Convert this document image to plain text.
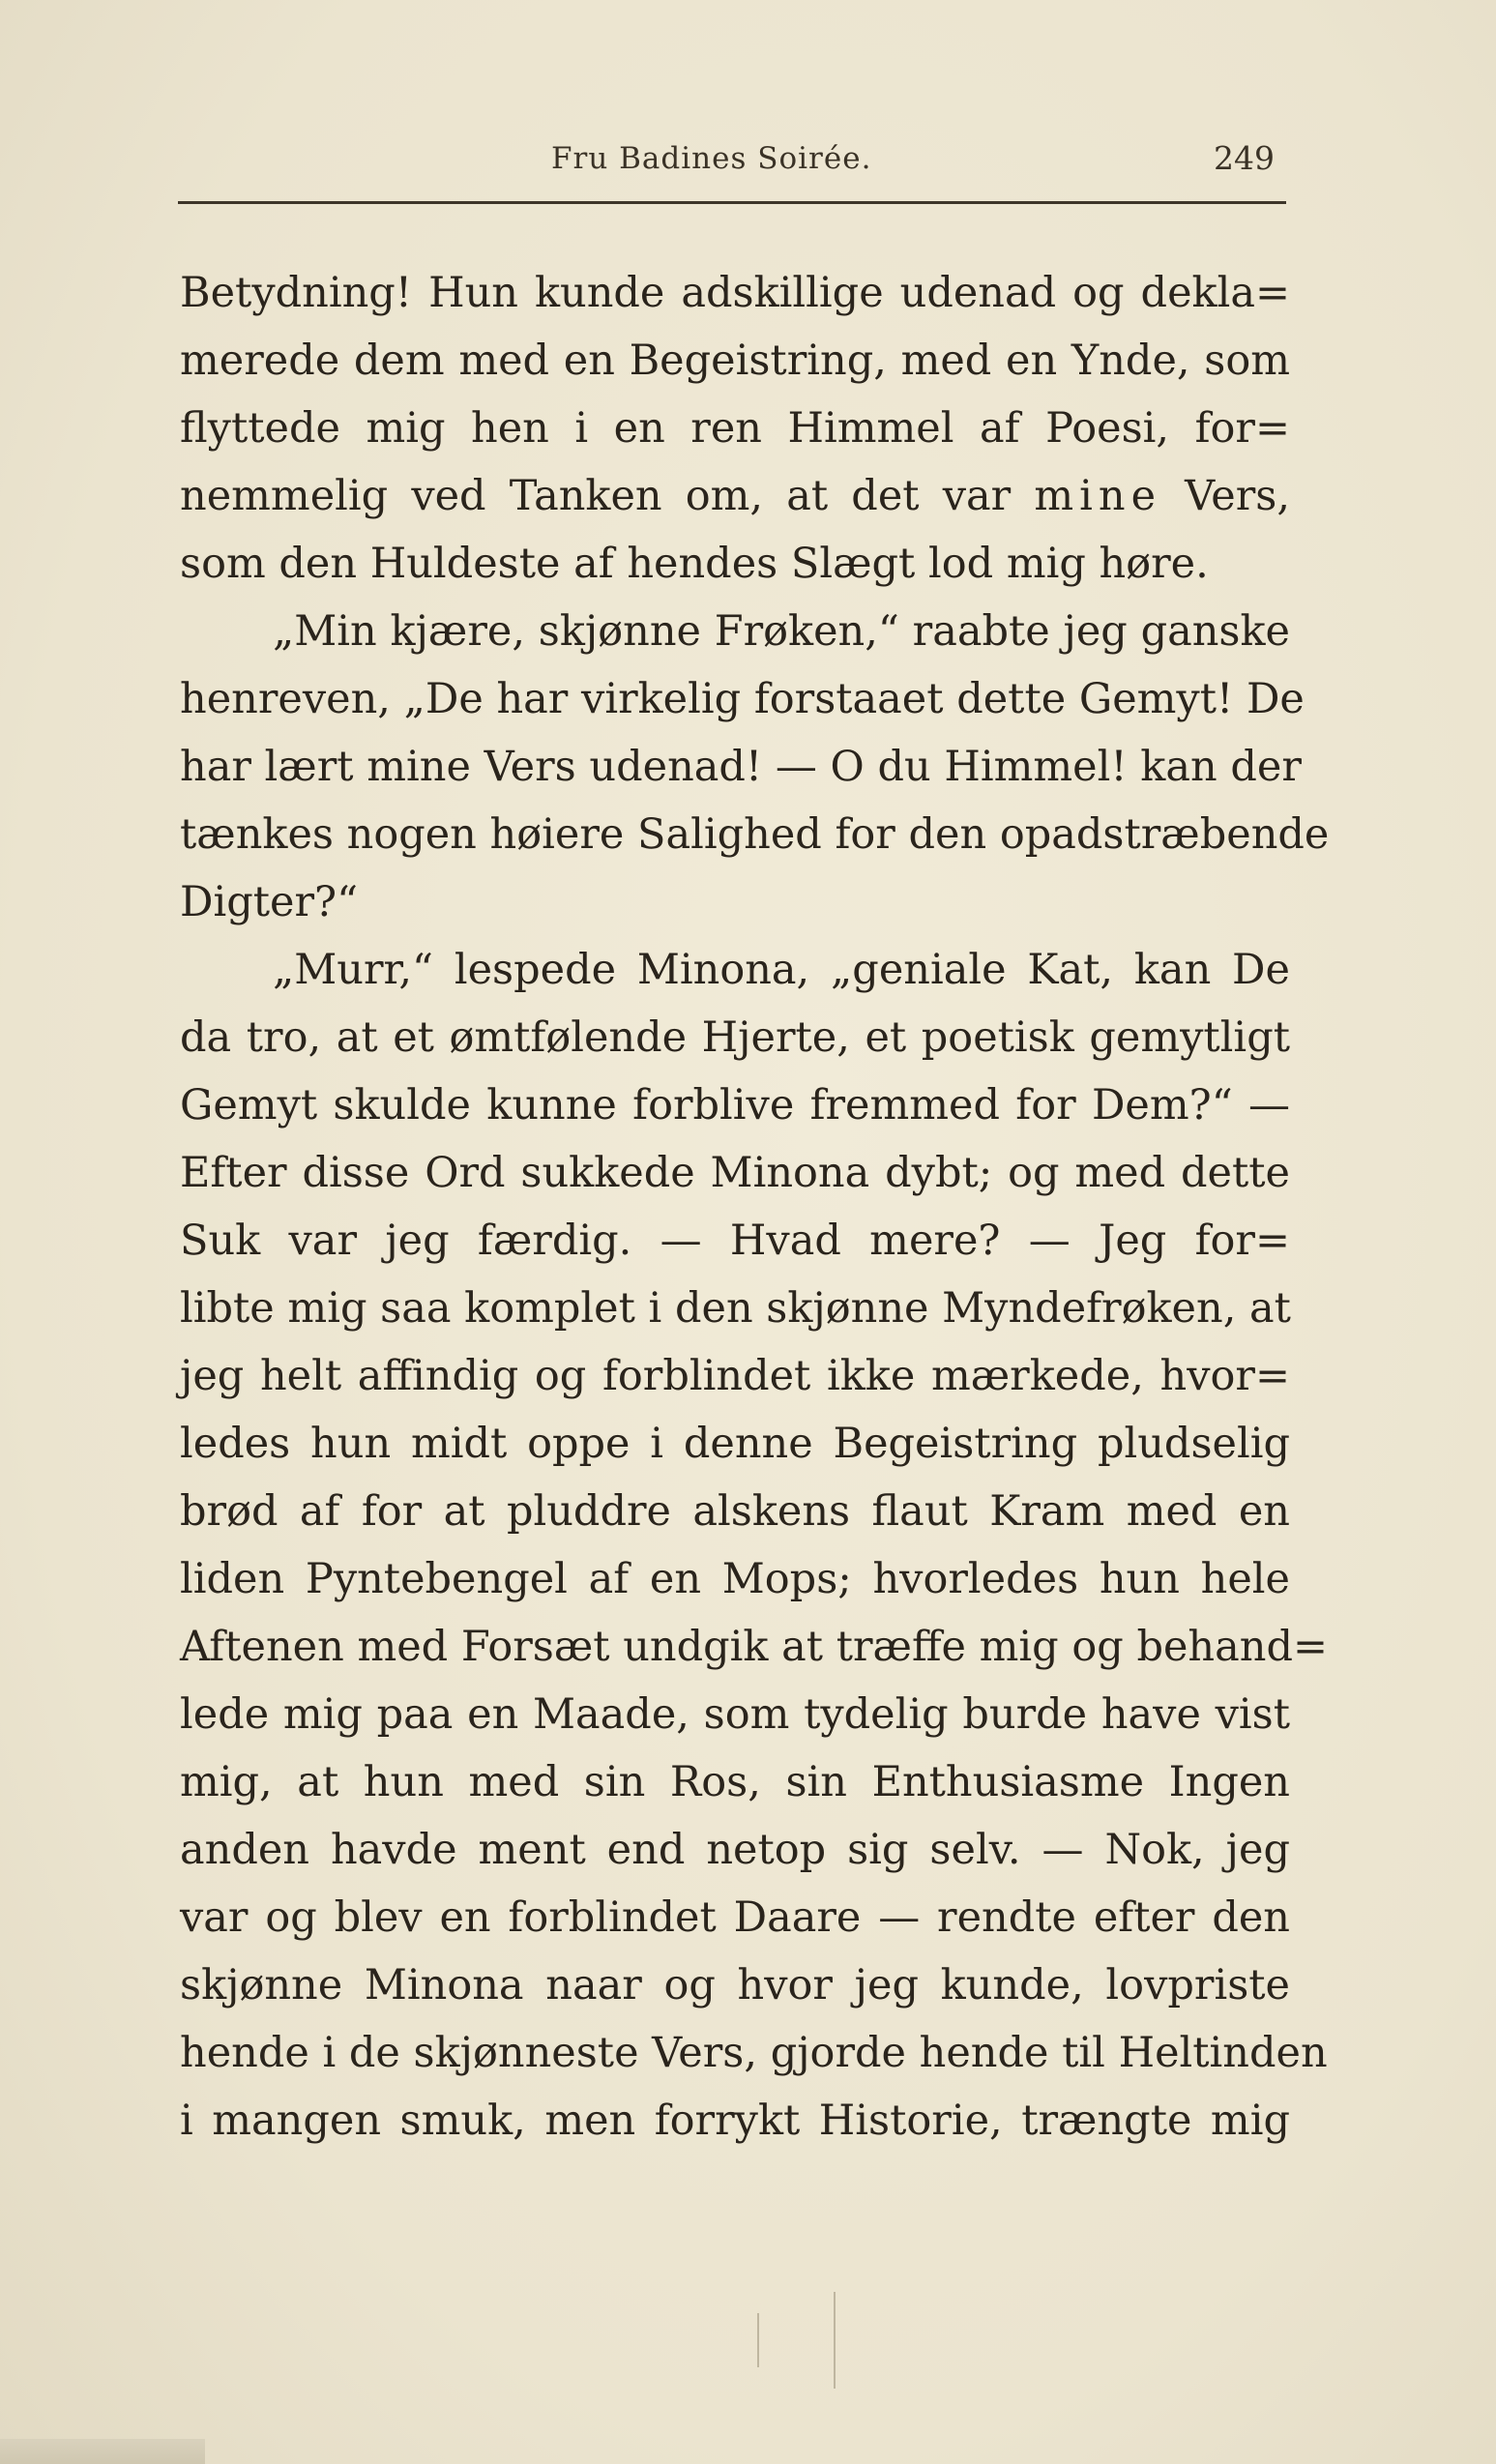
Fru Badines Soirée.	249
Betydning! Hun kunde adskillige udenad og dekla=
merede dem med en Begeistring, med en Ynde, som
flyttede mig hen i en ren Himmel af Poesi, for=
nemmelig ved Tanken om, at det var mine Vers,
som den Huldeste af hendes Slægt lod mig høre.
„Min kjære, skjønne Frøken,“ raabte jeg ganske
henreven, „De har virkelig forstaaet dette Gemyt! De
har lært mine Vers udenad! — O du Himmel! kan der
tænkes nogen høiere Salighed for den opadstræbende
Digter?“
„Murr,“ lespede Minona, „geniale Kat, kan De
da tro, at et ømtfølende Hjerte, et poetisk gemytligt
Gemyt skulde kunne forblive fremmed for Dem?“ —
Efter disse Ord sukkede Minona dybt; og med dette
Suk var jeg færdig. — Hvad mere? — Jeg for=
libte mig saa komplet i den skjønne Myndefrøken, at
jeg helt affindig og forblindet ikke mærkede, hvor=
ledes hun midt oppe i denne Begeistring pludselig
brød af for at pluddre alskens flaut Kram med en
liden Pyntebengel af en Mops; hvorledes hun hele
Aftenen med Forsæt undgik at træffe mig og behand=
lede mig paa en Maade, som tydelig burde have vist
mig, at hun med sin Ros, sin Enthusiasme Ingen
anden havde ment end netop sig selv. — Nok, jeg
var og blev en forblindet Daare — rendte efter den
skjønne Minona naar og hvor jeg kunde, lovpriste
hende i de skjønneste Vers, gjorde hende til Heltinden
i mangen smuk, men forrykt Historie, trængte mig
